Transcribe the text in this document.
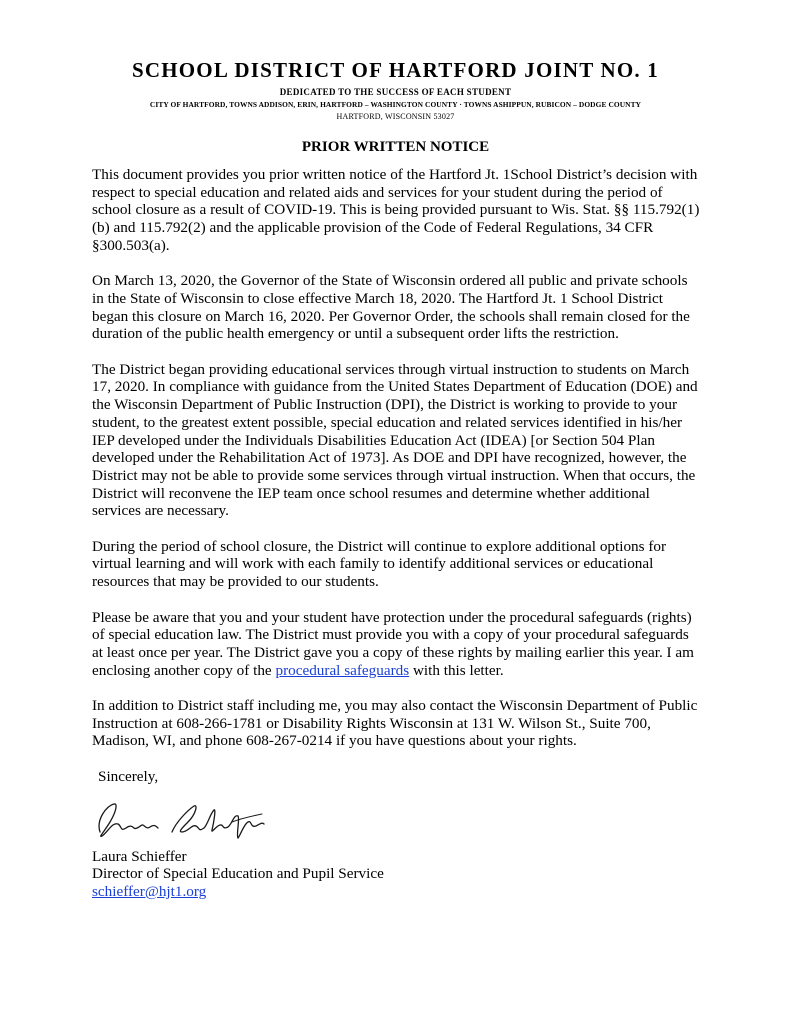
SCHOOL DISTRICT OF HARTFORD JOINT NO. 1
DEDICATED TO THE SUCCESS OF EACH STUDENT
CITY OF HARTFORD, TOWNS ADDISON, ERIN, HARTFORD – WASHINGTON COUNTY · TOWNS ASHIPPUN, RUBICON – DODGE COUNTY
HARTFORD, WISCONSIN 53027
PRIOR WRITTEN NOTICE

This document provides you prior written notice of the Hartford Jt. 1School District’s decision with respect to special education and related aids and services for your student during the period of school closure as a result of COVID-19. This is being provided pursuant to Wis. Stat. §§ 115.792(1)(b) and 115.792(2) and the applicable provision of the Code of Federal Regulations, 34 CFR §300.503(a).

On March 13, 2020, the Governor of the State of Wisconsin ordered all public and private schools in the State of Wisconsin to close effective March 18, 2020. The Hartford Jt. 1 School District began this closure on March 16, 2020. Per Governor Order, the schools shall remain closed for the duration of the public health emergency or until a subsequent order lifts the restriction.

The District began providing educational services through virtual instruction to students on March 17, 2020. In compliance with guidance from the United States Department of Education (DOE) and the Wisconsin Department of Public Instruction (DPI), the District is working to provide to your student, to the greatest extent possible, special education and related services identified in his/her IEP developed under the Individuals Disabilities Education Act (IDEA) [or Section 504 Plan developed under the Rehabilitation Act of 1973]. As DOE and DPI have recognized, however, the District may not be able to provide some services through virtual instruction. When that occurs, the District will reconvene the IEP team once school resumes and determine whether additional services are necessary.

During the period of school closure, the District will continue to explore additional options for virtual learning and will work with each family to identify additional services or educational resources that may be provided to our students.

Please be aware that you and your student have protection under the procedural safeguards (rights) of special education law. The District must provide you with a copy of your procedural safeguards at least once per year. The District gave you a copy of these rights by mailing earlier this year. I am enclosing another copy of the procedural safeguards with this letter.

In addition to District staff including me, you may also contact the Wisconsin Department of Public Instruction at 608-266-1781 or Disability Rights Wisconsin at 131 W. Wilson St., Suite 700, Madison, WI, and phone 608-267-0214 if you have questions about your rights.

Sincerely,
Laura Schieffer
Director of Special Education and Pupil Service
schieffer@hjt1.org
